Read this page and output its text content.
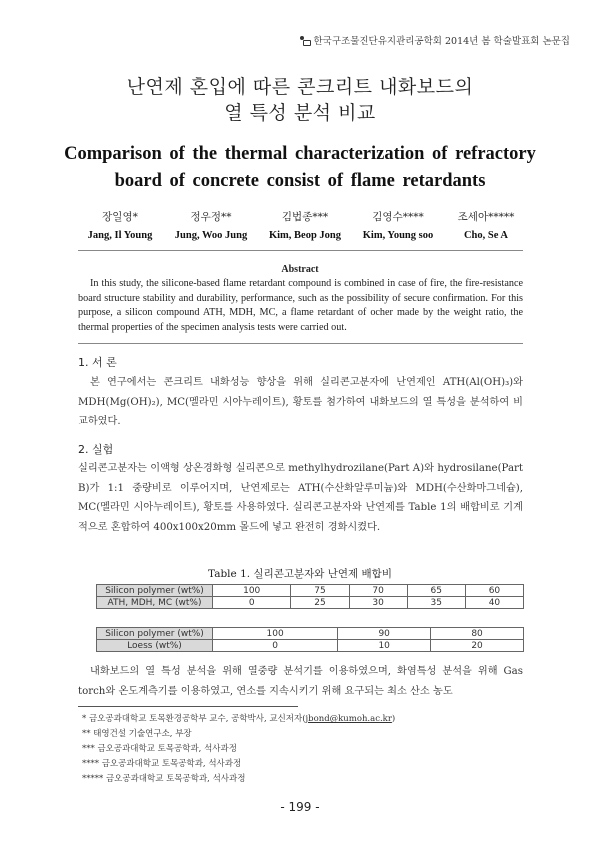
한국구조물진단유지관리공학회 2014년 봄 학술발표회 논문집
난연제 혼입에 따른 콘크리트 내화보드의
열 특성 분석 비교
Comparison of the thermal characterization of refractory
board of concrete consist of flame retardants
장일영*
Jang, Il Young
정우정**
Jung, Woo Jung
김법종***
Kim, Beop Jong
김영수****
Kim, Young soo
조세아*****
Cho, Se A
Abstract
In this study, the silicone-based flame retardant compound is combined in case of fire, the fire-resistance board structure stability and durability, performance, such as the possibility of secure confirmation. For this purpose, a silicon compound ATH, MDH, MC, a flame retardant of ocher made by the weight ratio, the thermal properties of the specimen analysis tests were carried out.
1. 서 론
본 연구에서는 콘크리트 내화성능 향상을 위해 실리콘고분자에 난연제인 ATH(Al(OH)₃)와 MDH(Mg(OH)₂), MC(멜라민 시아누레이트), 황토를 첨가하여 내화보드의 열 특성을 분석하여 비교하였다.
2. 실험
실리콘고분자는 이액형 상온경화형 실리콘으로 methylhydrozilane(Part A)와 hydrosilane(Part B)가 1:1 중량비로 이루어지며, 난연제로는 ATH(수산화알루미늄)와 MDH(수산화마그네슘), MC(멜라민 시아누레이트), 황토를 사용하였다. 실리콘고분자와 난연제를 Table 1의 배합비로 기계적으로 혼합하여 400x100x20mm 몰드에 넣고 완전히 경화시켰다.
Table 1. 실리콘고분자와 난연제 배합비
Silicon polymer (wt%)	100	75	70	65	60
ATH, MDH, MC (wt%)	0	25	30	35	40
Silicon polymer (wt%)	100	90	80
Loess (wt%)	0	10	20
내화보드의 열 특성 분석을 위해 열중량 분석기를 이용하였으며, 화염특성 분석을 위해 Gas torch와 온도계측기를 이용하였고, 연소를 지속시키기 위해 요구되는 최소 산소 농도
* 금오공과대학교 토목환경공학부 교수, 공학박사, 교신저자(jbond@kumoh.ac.kr)
** 태영건설 기술연구소, 부장
*** 금오공과대학교 토목공학과, 석사과정
**** 금오공과대학교 토목공학과, 석사과정
***** 금오공과대학교 토목공학과, 석사과정
- 199 -
